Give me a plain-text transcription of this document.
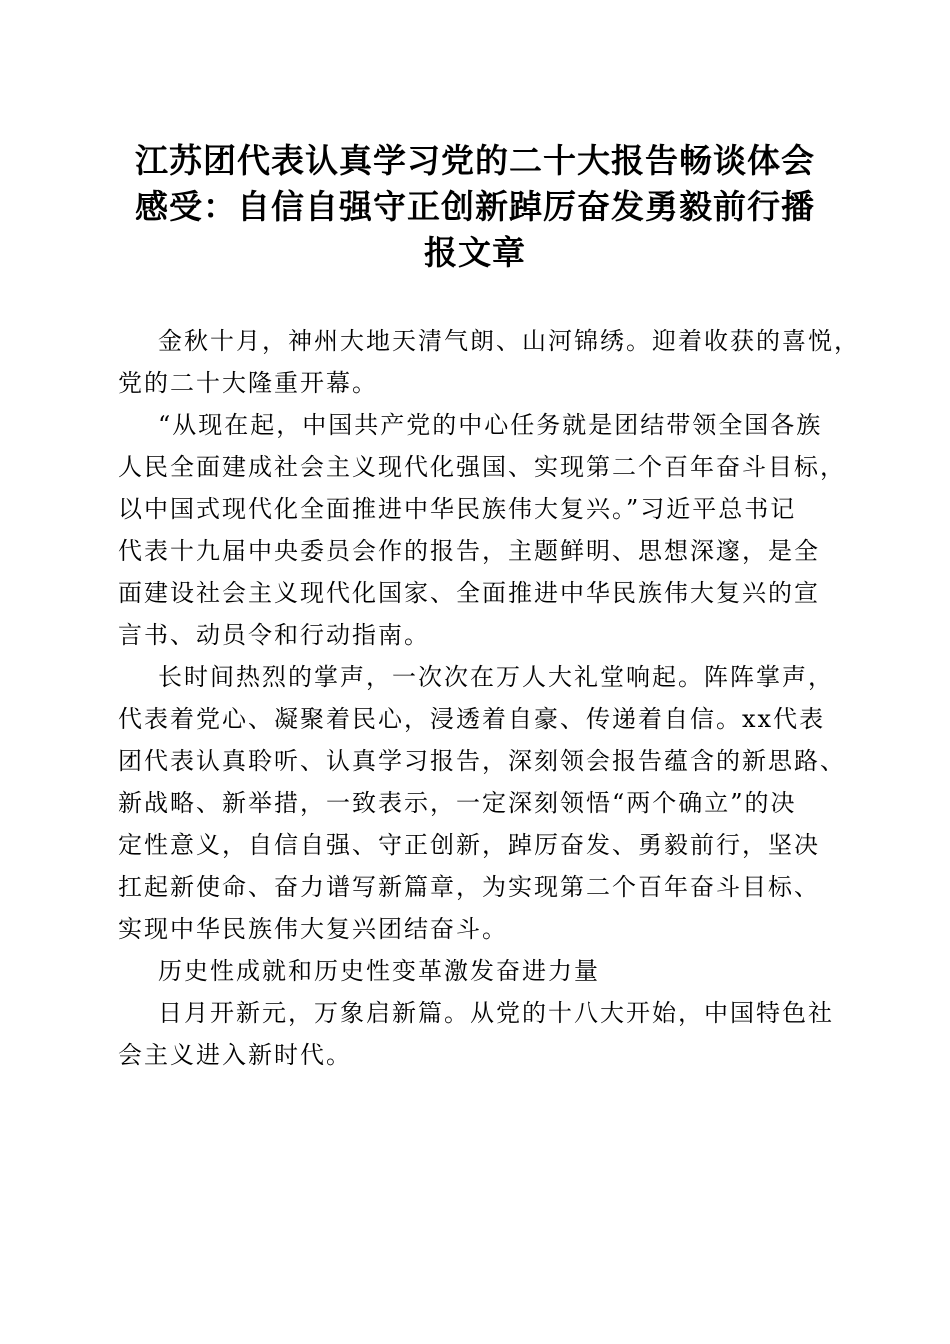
江苏团代表认真学习党的二十大报告畅谈体会
感受：自信自强守正创新踔厉奋发勇毅前行播
报文章

金秋十月，神州大地天清气朗、山河锦绣。迎着收获的喜悦，
党的二十大隆重开幕。

“从现在起，中国共产党的中心任务就是团结带领全国各族
人民全面建成社会主义现代化强国、实现第二个百年奋斗目标，
以中国式现代化全面推进中华民族伟大复兴。”习近平总书记
代表十九届中央委员会作的报告，主题鲜明、思想深邃，是全
面建设社会主义现代化国家、全面推进中华民族伟大复兴的宣
言书、动员令和行动指南。

长时间热烈的掌声，一次次在万人大礼堂响起。阵阵掌声，
代表着党心、凝聚着民心，浸透着自豪、传递着自信。xx代表
团代表认真聆听、认真学习报告，深刻领会报告蕴含的新思路、
新战略、新举措，一致表示，一定深刻领悟“两个确立”的决
定性意义，自信自强、守正创新，踔厉奋发、勇毅前行，坚决
扛起新使命、奋力谱写新篇章，为实现第二个百年奋斗目标、
实现中华民族伟大复兴团结奋斗。

历史性成就和历史性变革激发奋进力量

日月开新元，万象启新篇。从党的十八大开始，中国特色社
会主义进入新时代。
